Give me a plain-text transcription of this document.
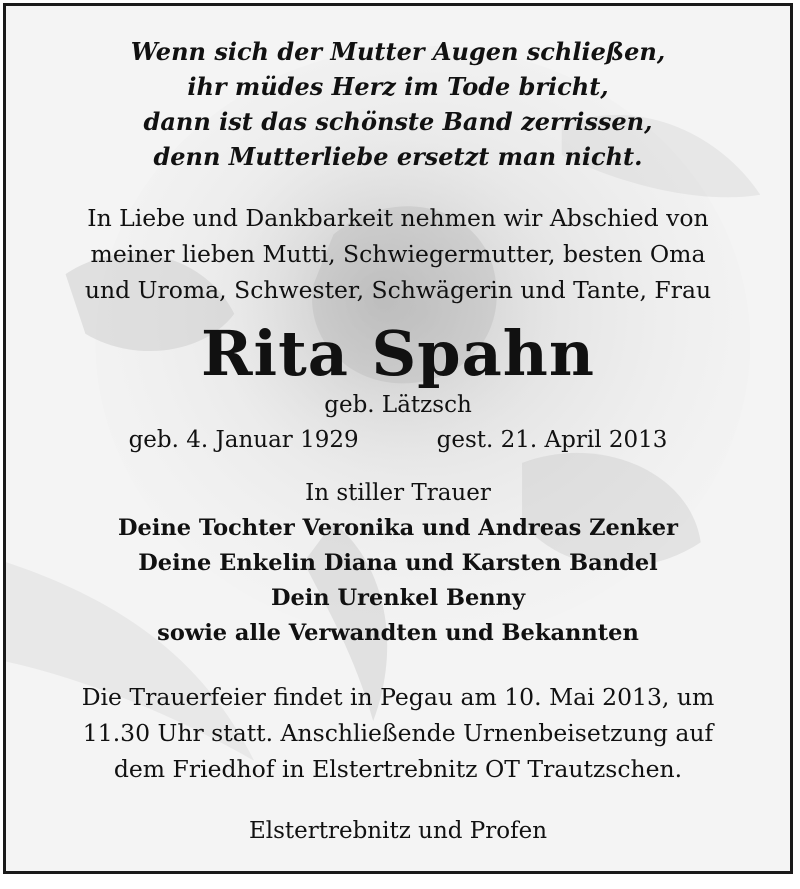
Wenn sich der Mutter Augen schließen,
ihr müdes Herz im Tode bricht,
dann ist das schönste Band zerrissen,
denn Mutterliebe ersetzt man nicht.
In Liebe und Dankbarkeit nehmen wir Abschied von
meiner lieben Mutti, Schwiegermutter, besten Oma
und Uroma, Schwester, Schwägerin und Tante, Frau
Rita Spahn
geb. Lätzsch
geb. 4. Januar 1929	gest. 21. April 2013
In stiller Trauer
Deine Tochter Veronika und Andreas Zenker
Deine Enkelin Diana und Karsten Bandel
Dein Urenkel Benny
sowie alle Verwandten und Bekannten
Die Trauerfeier findet in Pegau am 10. Mai 2013, um
11.30 Uhr statt. Anschließende Urnenbeisetzung auf
dem Friedhof in Elstertrebnitz OT Trautzschen.
Elstertrebnitz und Profen
